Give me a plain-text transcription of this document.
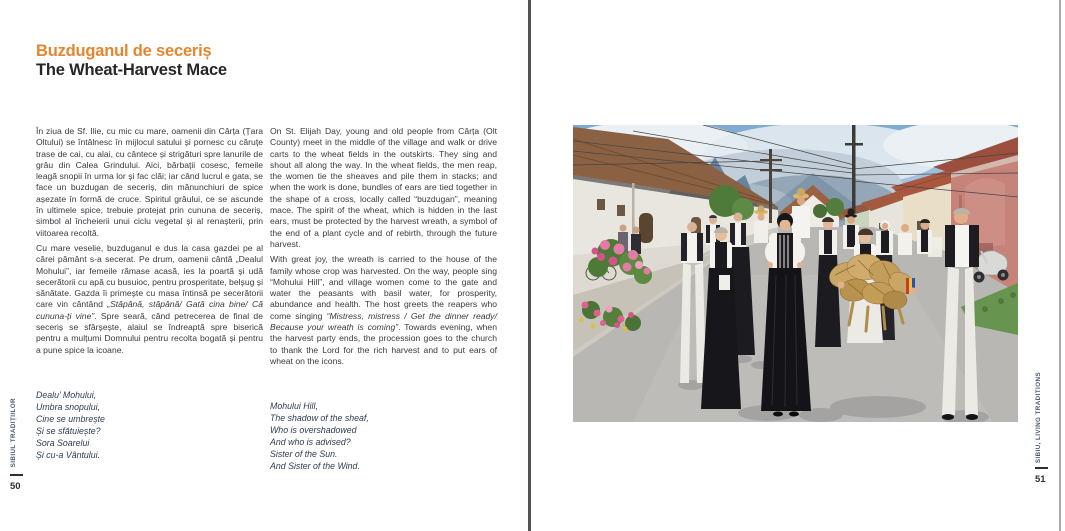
Buzduganul de seceriș
The Wheat-Harvest Mace

În ziua de Sf. Ilie, cu mic cu mare, oamenii din Cârța (Țara Oltului) se întâlnesc în mijlocul satului și pornesc cu căruțe trase de cai, cu alai, cu cântece și strigături spre lanurile de grâu din Calea Grindului. Aici, bărbații cosesc, femeile leagă snopii în urma lor și fac clăi; iar când lucrul e gata, se face un buzdugan de seceriș, din mănunchiuri de spice așezate în formă de cruce. Spiritul grâului, ce se ascunde în ultimele spice, trebuie protejat prin cununa de seceriș, simbol al încheierii unui ciclu vegetal și al renașterii, prin viitoarea recoltă.

Cu mare veselie, buzduganul e dus la casa gazdei pe al cărei pământ s-a secerat. Pe drum, oamenii cântă „Dealul Mohului”, iar femeile rămase acasă, ies la poartă și udă secerătorii cu apă cu busuioc, pentru prosperitate, belșug și sănătate. Gazda îi primește cu masa întinsă pe secerătorii care vin cântând „Stăpână, stăpână/ Gată cina bine/ Că cununa-ți vine”. Spre seară, când petrecerea de final de seceriș se sfârșește, alaiul se îndreaptă spre biserică pentru a mulțumi Domnului pentru recolta bogată și pentru a pune spice la icoane.

Dealu’ Mohului,
Umbra snopului,
Cine se umbrește
Și se sfătuiește?
Sora Soarelui
Și cu-a Vântului.

On St. Elijah Day, young and old people from Cârța (Olt County) meet in the middle of the village and walk or drive carts to the wheat fields in the outskirts. They sing and shout all along the way. In the wheat fields, the men reap, the women tie the sheaves and pile them in stacks; and when the work is done, bundles of ears are tied together in the shape of a cross, locally called “buzdugan”, meaning mace. The spirit of the wheat, which is hidden in the last ears, must be protected by the harvest wreath, a symbol of the end of a plant cycle and of rebirth, through the future harvest.

With great joy, the wreath is carried to the house of the family whose crop was harvested. On the way, people sing “Mohului Hill”, and village women come to the gate and water the peasants with basil water, for prosperity, abundance and health. The host greets the reapers who come singing “Mistress, mistress / Get the dinner ready/ Because your wreath is coming”. Towards evening, when the harvest party ends, the procession goes to the church to thank the Lord for the rich harvest and to put ears of wheat on the icons.

Mohului Hill,
The shadow of the sheaf,
Who is overshadowed
And who is advised?
Sister of the Sun.
And Sister of the Wind.
SIBIUL TRADIȚIILOR
50
SIBIU, LIVING TRADITIONS
51
